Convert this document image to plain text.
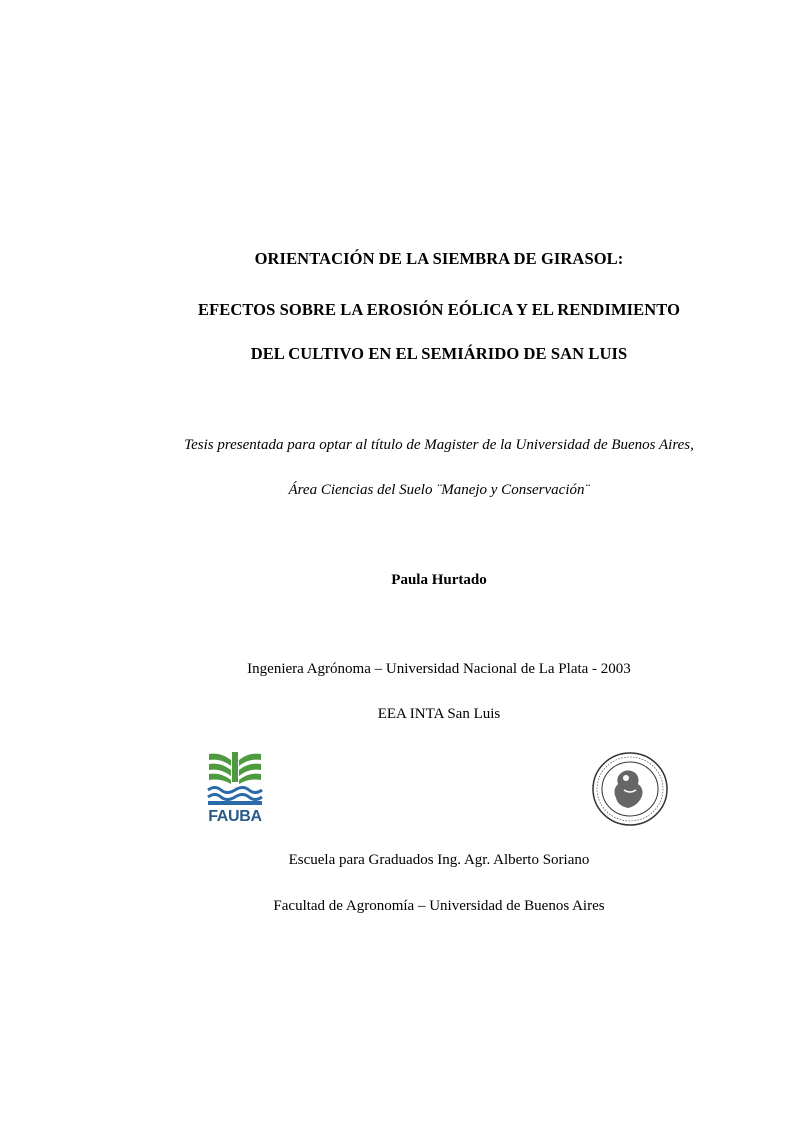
ORIENTACIÓN DE LA SIEMBRA DE GIRASOL:
EFECTOS SOBRE LA EROSIÓN EÓLICA Y EL RENDIMIENTO
DEL CULTIVO EN EL SEMIÁRIDO DE SAN LUIS
Tesis presentada para optar al título de Magister de la Universidad de Buenos Aires,
Área Ciencias del Suelo ¨Manejo y Conservación¨
Paula Hurtado
Ingeniera Agrónoma – Universidad Nacional de La Plata - 2003
EEA INTA San Luis
FAUBA
Escuela para Graduados Ing. Agr. Alberto Soriano
Facultad de Agronomía – Universidad de Buenos Aires
